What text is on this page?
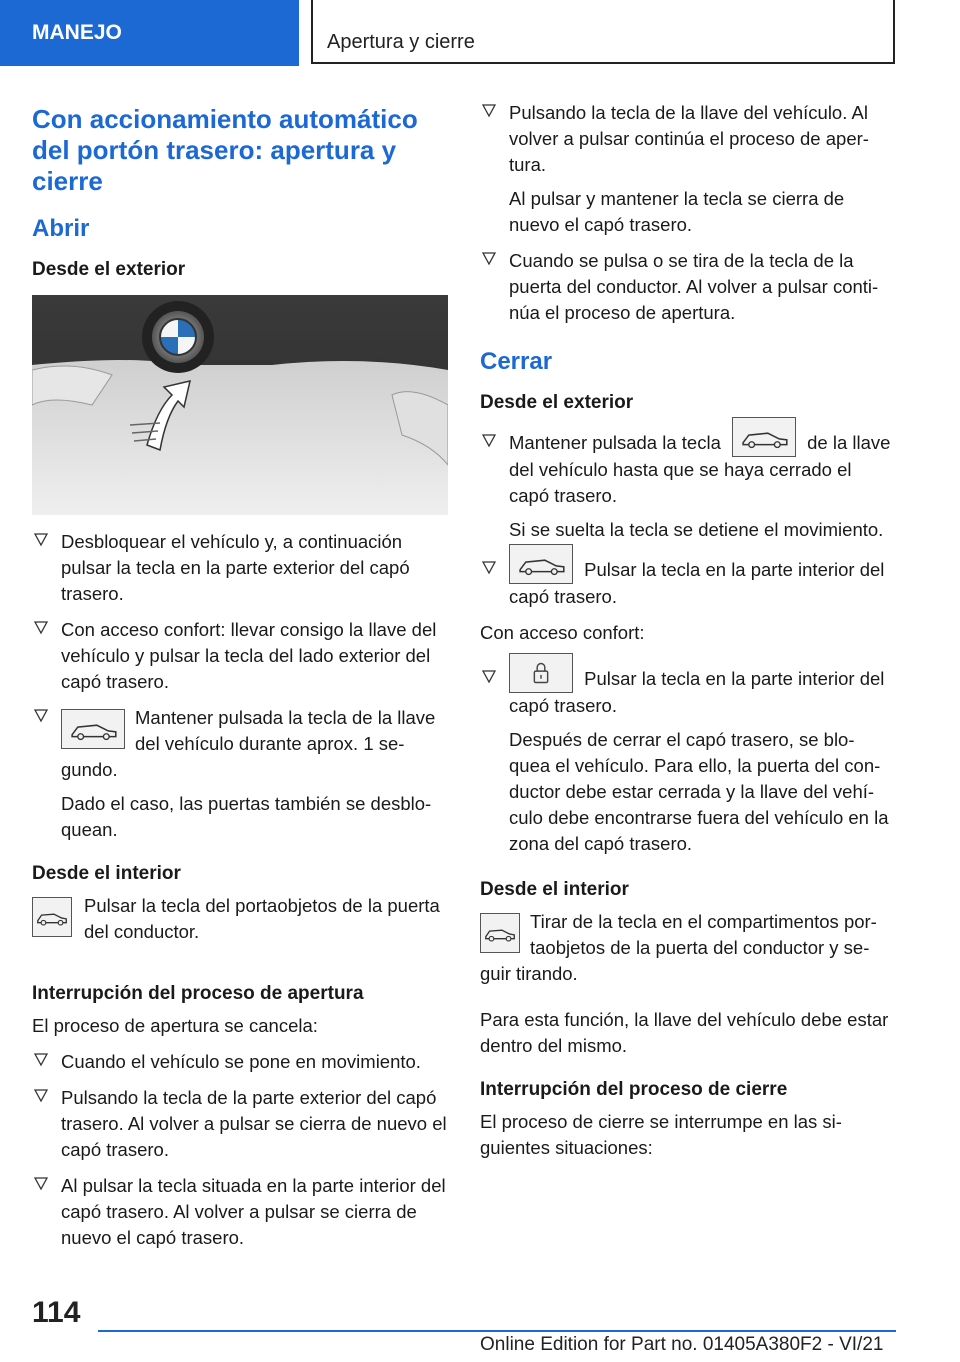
MANEJO	Apertura y cierre
Con accionamiento automático del portón trasero: apertura y cierre
Abrir
Desde el exterior
Desbloquear el vehículo y, a continuación pulsar la tecla en la parte exterior del capó trasero.
Con acceso confort: llevar consigo la llave del vehículo y pulsar la tecla del lado exterior del capó trasero.
Mantener pulsada la tecla de la llave del vehículo durante aprox. 1 se- gundo.
Dado el caso, las puertas también se desblo- quean.
Desde el interior

Pulsar la tecla del portaobjetos de la puerta del conductor.

Interrupción del proceso de apertura

El proceso de apertura se cancela:

Cuando el vehículo se pone en movimiento.
Pulsando la tecla de la parte exterior del capó trasero. Al volver a pulsar se cierra de nuevo el capó trasero.
Al pulsar la tecla situada en la parte interior del capó trasero. Al volver a pulsar se cierra de nuevo el capó trasero.
Pulsando la tecla de la llave del vehículo. Al volver a pulsar continúa el proceso de aper- tura.
Al pulsar y mantener la tecla se cierra de nuevo el capó trasero.
Cuando se pulsa o se tira de la tecla de la puerta del conductor. Al volver a pulsar conti- núa el proceso de apertura.
Cerrar
Desde el exterior
Mantener pulsada la tecla	de la llave del vehículo hasta que se haya cerrado el capó trasero.
Si se suelta la tecla se detiene el movimiento.
Pulsar la tecla en la parte interior del capó trasero.

Con acceso confort:

Pulsar la tecla en la parte interior del capó trasero.
Después de cerrar el capó trasero, se blo- quea el vehículo. Para ello, la puerta del con- ductor debe estar cerrada y la llave del vehí- culo debe encontrarse fuera del vehículo en la zona del capó trasero.
Desde el interior

Tirar de la tecla en el compartimentos por- taobjetos de la puerta del conductor y se- guir tirando.

Para esta función, la llave del vehículo debe estar dentro del mismo.

Interrupción del proceso de cierre

El proceso de cierre se interrumpe en las si- guientes situaciones:

114
Online Edition for Part no. 01405A380F2 - VI/21
